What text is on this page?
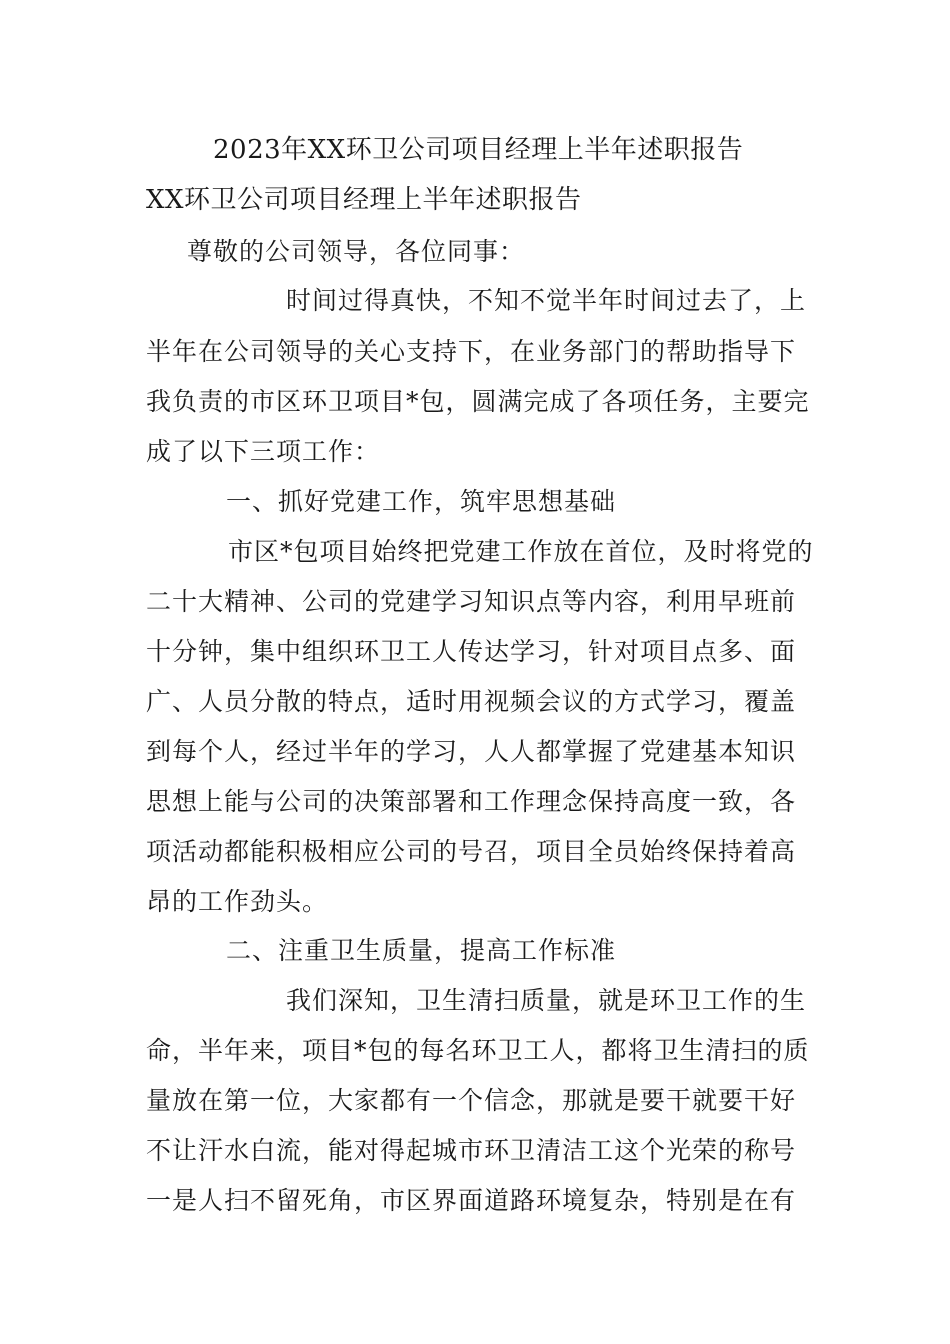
2023年XX环卫公司项目经理上半年述职报告
XX环卫公司项目经理上半年述职报告
尊敬的公司领导，各位同事：
时间过得真快，不知不觉半年时间过去了，上
半年在公司领导的关心支持下，在业务部门的帮助指导下
我负责的市区环卫项目*包，圆满完成了各项任务，主要完
成了以下三项工作：
一、抓好党建工作，筑牢思想基础
市区*包项目始终把党建工作放在首位，及时将党的
二十大精神、公司的党建学习知识点等内容，利用早班前
十分钟，集中组织环卫工人传达学习，针对项目点多、面
广、人员分散的特点，适时用视频会议的方式学习，覆盖
到每个人，经过半年的学习，人人都掌握了党建基本知识
思想上能与公司的决策部署和工作理念保持高度一致，各
项活动都能积极相应公司的号召，项目全员始终保持着高
昂的工作劲头。
二、注重卫生质量，提高工作标准
我们深知，卫生清扫质量，就是环卫工作的生
命，半年来，项目*包的每名环卫工人，都将卫生清扫的质
量放在第一位，大家都有一个信念，那就是要干就要干好
不让汗水白流，能对得起城市环卫清洁工这个光荣的称号
一是人扫不留死角，市区界面道路环境复杂，特别是在有
